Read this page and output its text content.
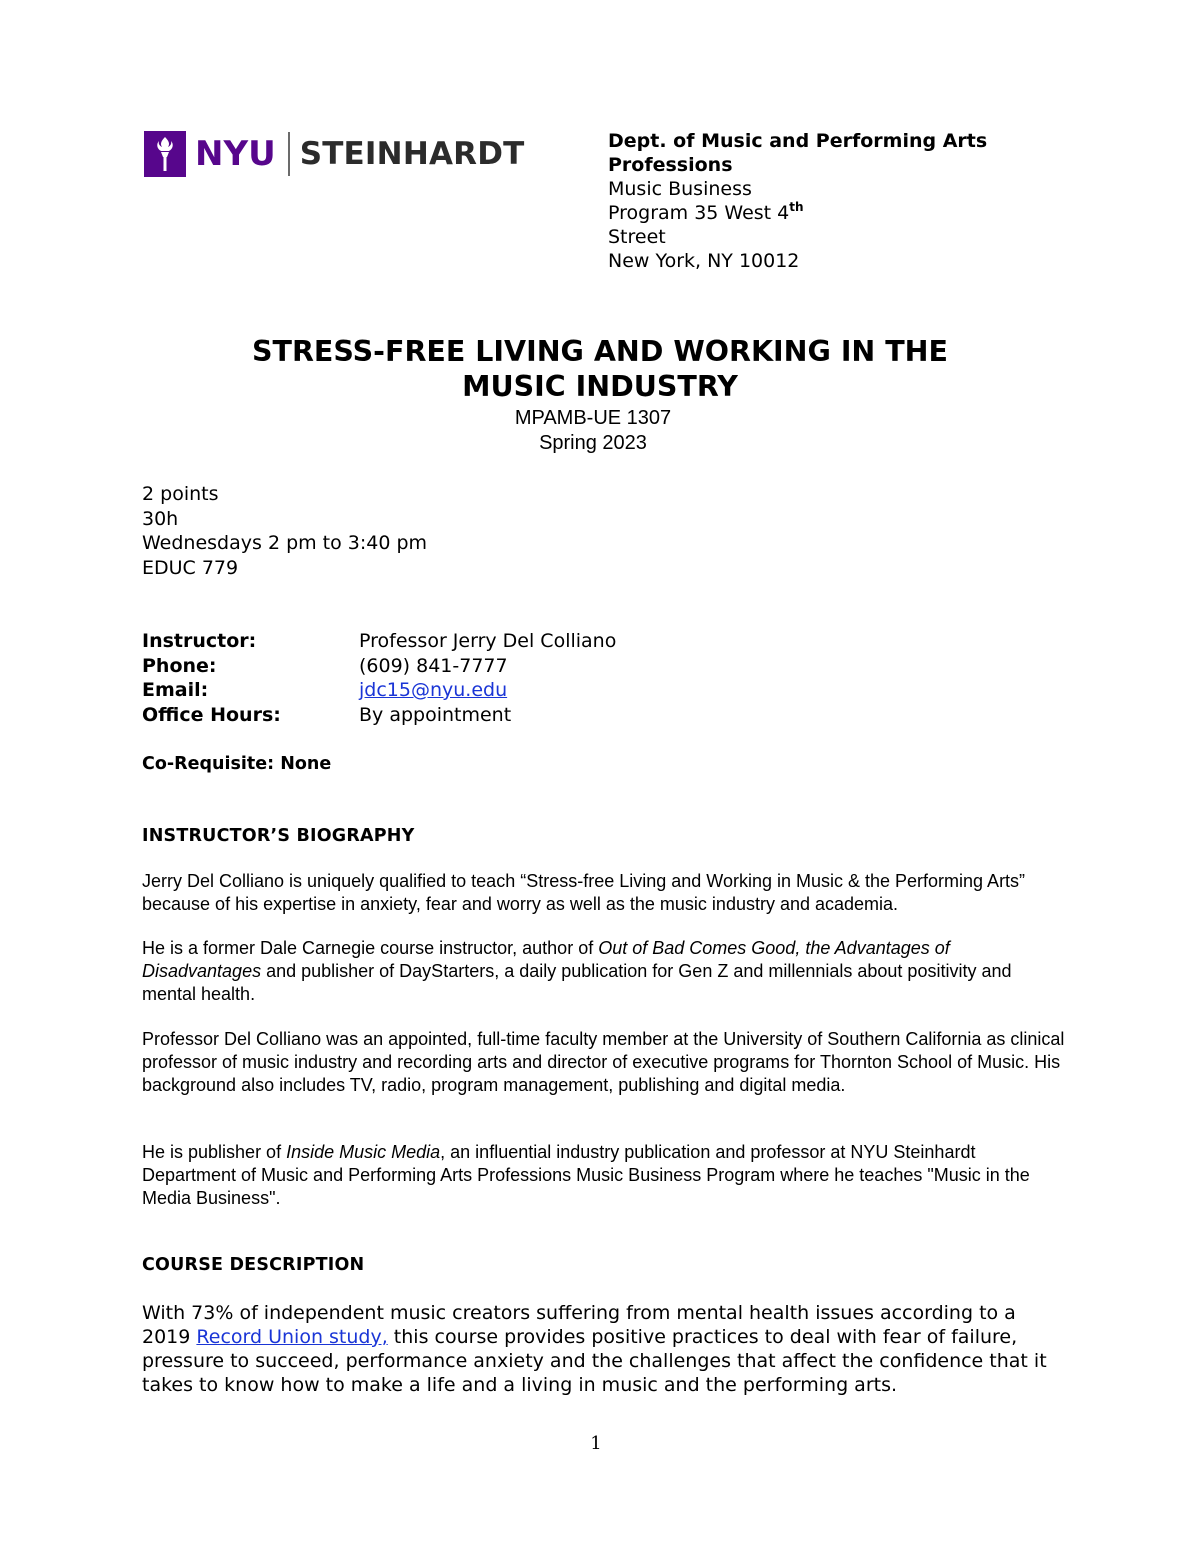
NYU STEINHARDT	Dept. of Music and Performing Arts Professions
Music Business
Program 35 West 4th
Street
New York, NY 10012
STRESS-FREE LIVING AND WORKING IN THE
MUSIC INDUSTRY
MPAMB-UE 1307
Spring 2023
2 points
30h
Wednesdays 2 pm to 3:40 pm
EDUC 779
Instructor:	Professor Jerry Del Colliano
Phone:	(609) 841-7777
Email:	jdc15@nyu.edu
Office Hours:	By appointment
Co-Requisite: None
INSTRUCTOR’S BIOGRAPHY
Jerry Del Colliano is uniquely qualified to teach “Stress-free Living and Working in Music & the Performing Arts” because of his expertise in anxiety, fear and worry as well as the music industry and academia.
He is a former Dale Carnegie course instructor, author of Out of Bad Comes Good, the Advantages of Disadvantages and publisher of DayStarters, a daily publication for Gen Z and millennials about positivity and mental health.
Professor Del Colliano was an appointed, full-time faculty member at the University of Southern California as clinical professor of music industry and recording arts and director of executive programs for Thornton School of Music. His background also includes TV, radio, program management, publishing and digital media.
He is publisher of Inside Music Media, an influential industry publication and professor at NYU Steinhardt Department of Music and Performing Arts Professions Music Business Program where he teaches "Music in the Media Business".
COURSE DESCRIPTION
With 73% of independent music creators suffering from mental health issues according to a 2019 Record Union study, this course provides positive practices to deal with fear of failure, pressure to succeed, performance anxiety and the challenges that affect the confidence that it takes to know how to make a life and a living in music and the performing arts.
1
